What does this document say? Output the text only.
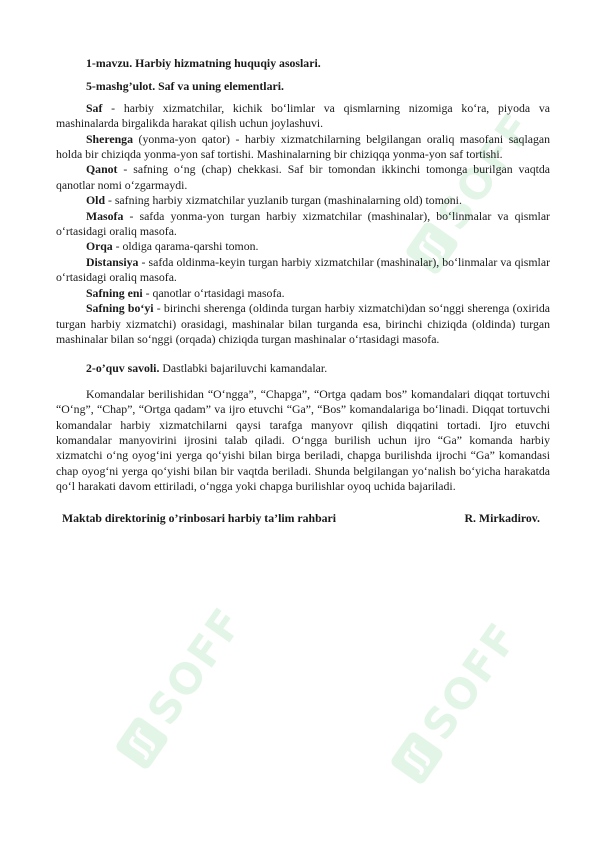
ʃʃSOFF
ʃʃSOFF
ʃʃSOFF

1-mavzu. Harbiy hizmatning huquqiy asoslari.

5-mashg’ulot. Saf va uning elementlari.

Saf - harbiy xizmatchilar, kichik bo‘limlar va qismlarning nizomiga ko‘ra, piyoda va mashinalarda birgalikda harakat qilish uchun joylashuvi.

Sherenga (yonma-yon qator) - harbiy xizmatchilarning belgilangan oraliq masofani saqlagan holda bir chiziqda yonma-yon saf tortishi. Mashinalarning bir chiziqqa yonma-yon saf tortishi.

Qanot - safning o‘ng (chap) chekkasi. Saf bir tomondan ikkinchi tomonga burilgan vaqtda qanotlar nomi o‘zgarmaydi.

Old - safning harbiy xizmatchilar yuzlanib turgan (mashinalarning old) tomoni.

Masofa - safda yonma-yon turgan harbiy xizmatchilar (mashinalar), bo‘linmalar va qismlar o‘rtasidagi oraliq masofa.

Orqa - oldiga qarama-qarshi tomon.

Distansiya - safda oldinma-keyin turgan harbiy xizmatchilar (mashinalar), bo‘linmalar va qismlar o‘rtasidagi oraliq masofa.

Safning eni - qanotlar o‘rtasidagi masofa.

Safning bo‘yi - birinchi sherenga (oldinda turgan harbiy xizmatchi)dan so‘nggi sherenga (oxirida turgan harbiy xizmatchi) orasidagi, mashinalar bilan turganda esa, birinchi chiziqda (oldinda) turgan mashinalar bilan so‘nggi (orqada) chiziqda turgan mashinalar o‘rtasidagi masofa.

2-o’quv savoli. Dastlabki bajariluvchi kamandalar.

Komandalar berilishidan “O‘ngga”, “Chapga”, “Ortga qadam bos” komandalari diqqat tortuvchi “O‘ng”, “Chap”, “Ortga qadam” va ijro etuvchi “Ga”, “Bos” komandalariga bo‘linadi. Diqqat tortuvchi komandalar harbiy xizmatchilarni qaysi tarafga manyovr qilish diqqatini tortadi. Ijro etuvchi komandalar manyovirini ijrosini talab qiladi. O‘ngga burilish uchun ijro “Ga” komanda harbiy xizmatchi o‘ng oyog‘ini yerga qo‘yishi bilan birga beriladi, chapga burilishda ijrochi “Ga” komandasi chap oyog‘ni yerga qo‘yishi bilan bir vaqtda beriladi. Shunda belgilangan yo‘nalish bo‘yicha harakatda qo‘l harakati davom ettiriladi, o‘ngga yoki chapga burilishlar oyoq uchida bajariladi.

Maktab direktorinig o’rinbosari harbiy ta’lim rahbari	R. Mirkadirov.
